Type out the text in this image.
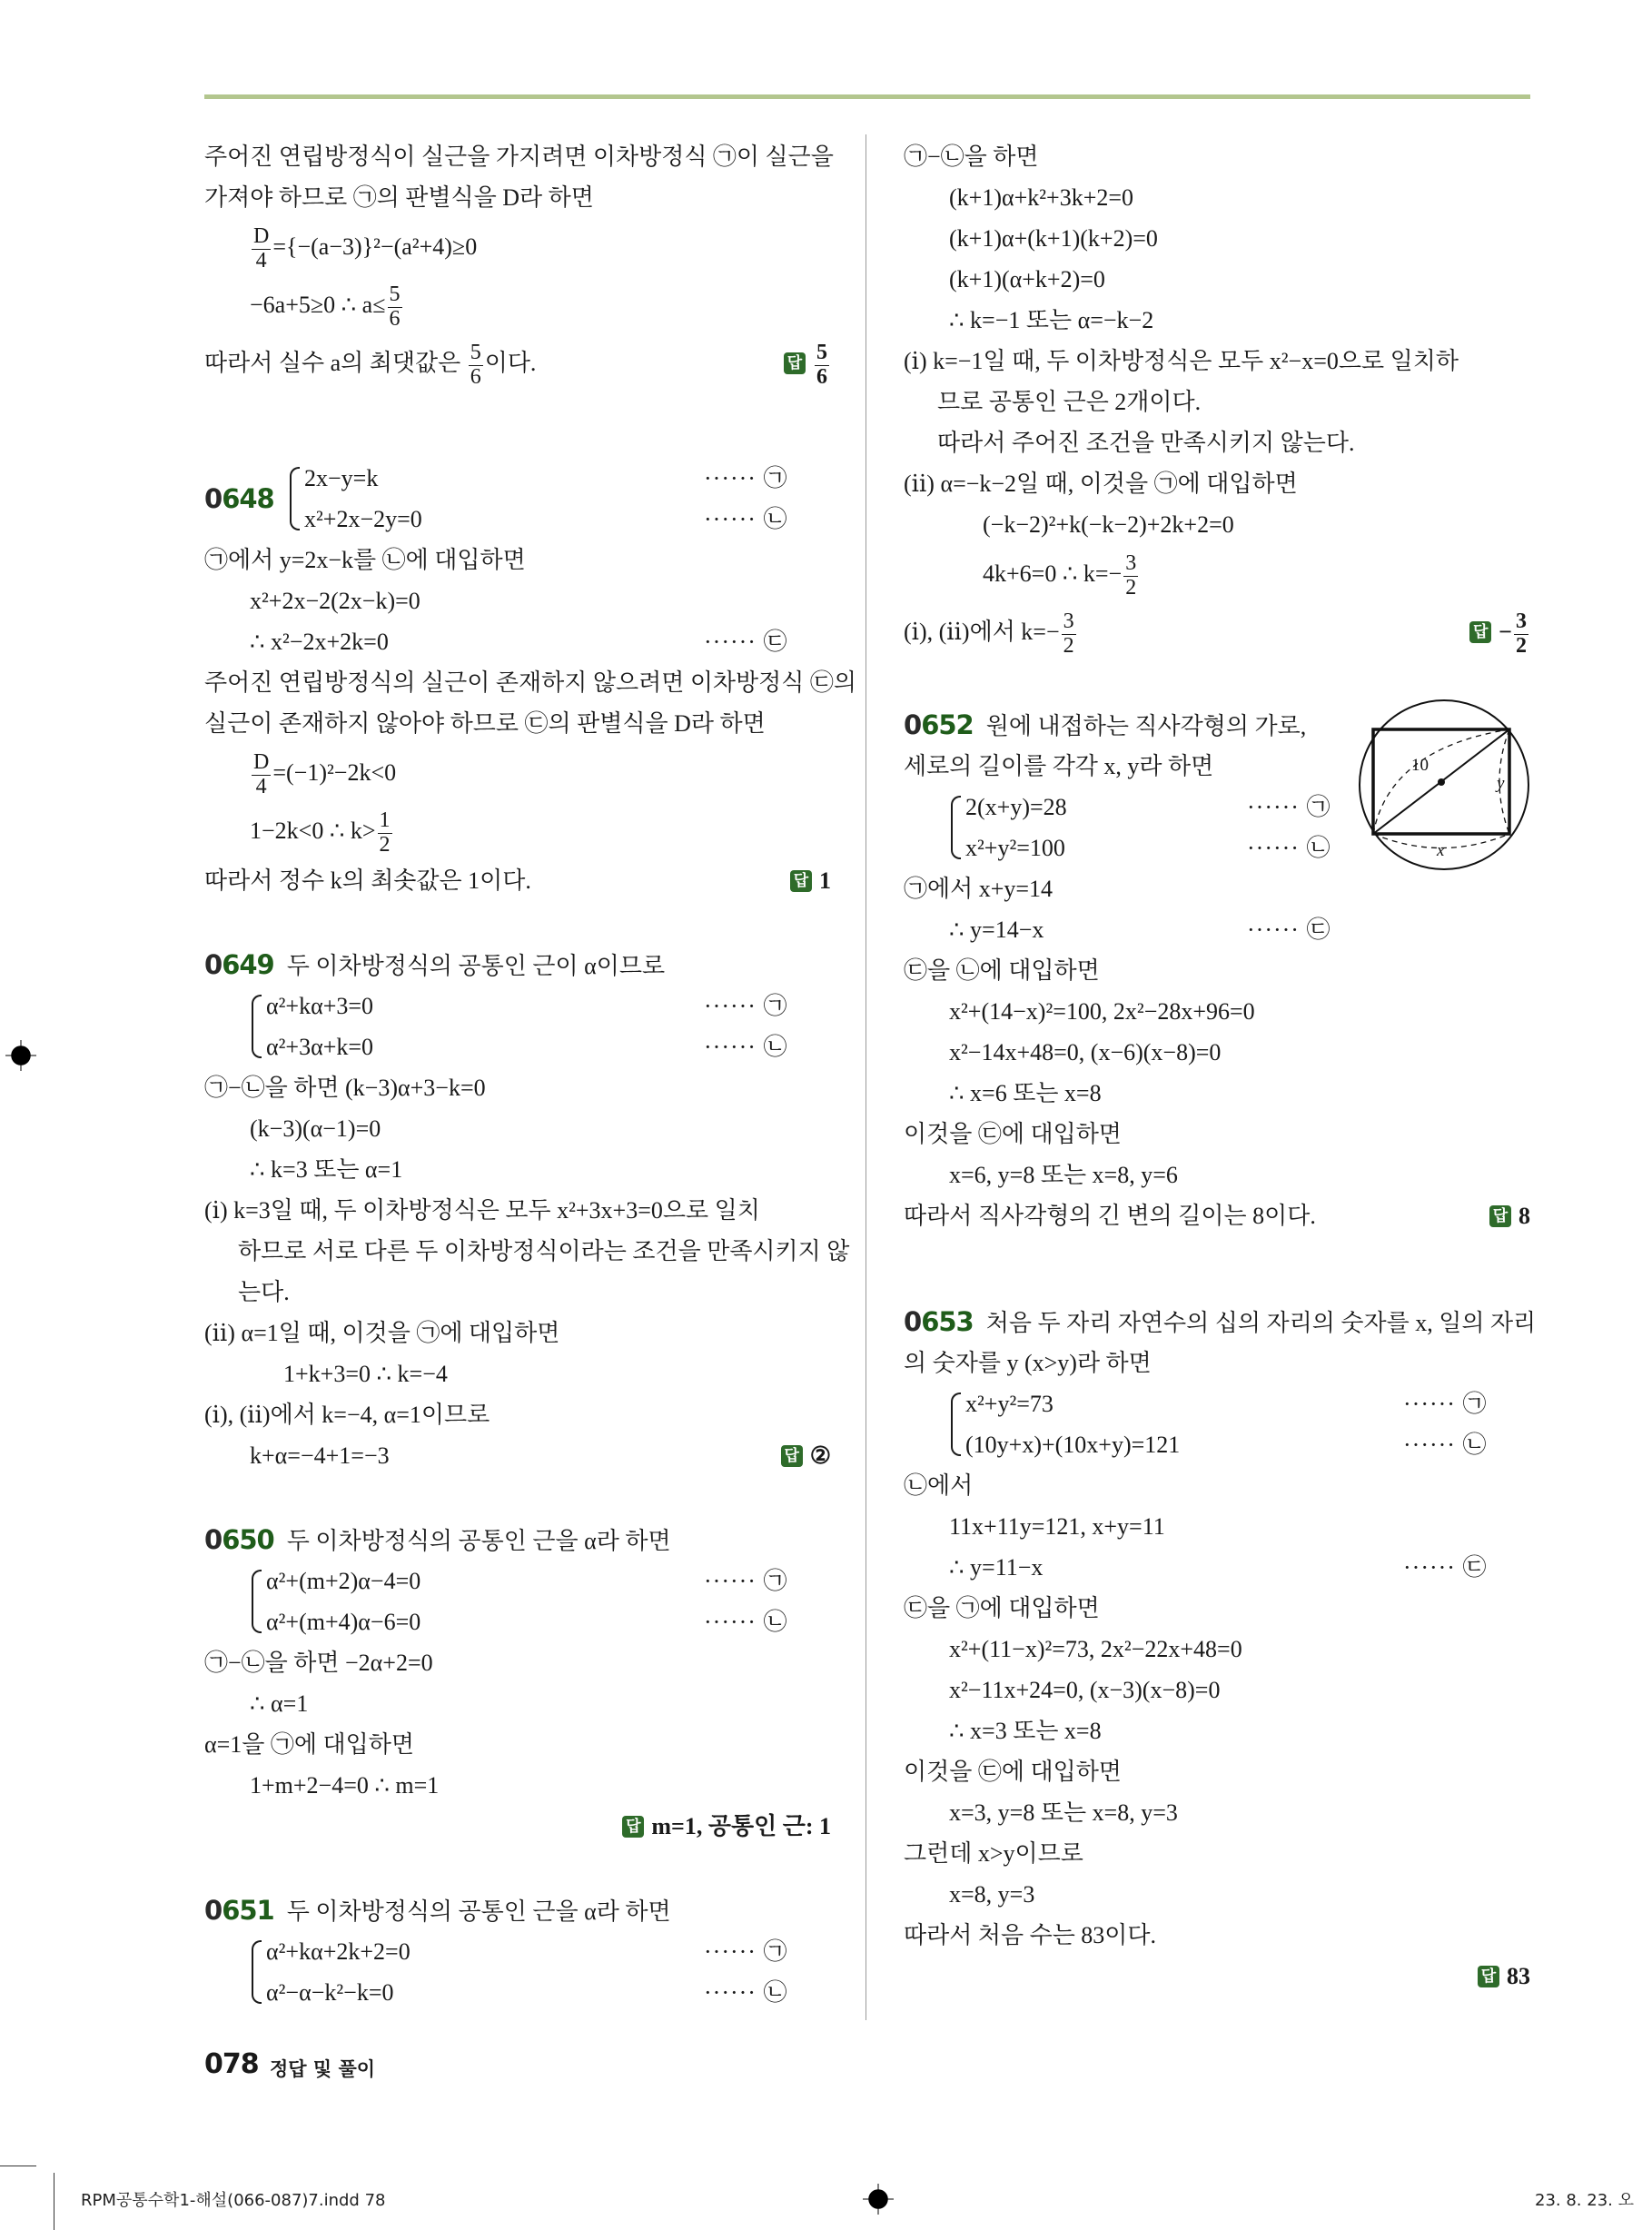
주어진 연립방정식이 실근을 가지려면 이차방정식 ㉠이 실근을
가져야 하므로 ㉠의 판별식을 D라 하면
$\frac{D}{4} =\{-(a-3)\}^2-(a^2+4)\ge 0$
−6a+5≥0 ∴ $a\le \frac{5}{6}$
따라서 실수 a의 최댓값은 $\frac{5}{6}$ 이다.	답 $\frac{5}{6}$
0648
2x−y=k	······ ㉠
x²+2x−2y=0	······ ㉡
㉠에서 y=2x−k를 ㉡에 대입하면
x²+2x−2(2x−k)=0
∴ x²−2x+2k=0	······ ㉢
주어진 연립방정식의 실근이 존재하지 않으려면 이차방정식 ㉢의
실근이 존재하지 않아야 하므로 ㉢의 판별식을 D라 하면
$\frac{D}{4} =(-1)^2-2k<0$
1−2k<0 ∴ $k> \frac{1}{2}$
따라서 정수 k의 최솟값은 1이다.	답 1
0649 두 이차방정식의 공통인 근이 α이므로
α²+kα+3=0	······ ㉠
α²+3α+k=0	······ ㉡
㉠−㉡을 하면 (k−3)α+3−k=0
(k−3)(α−1)=0
∴ k=3 또는 α=1
(ⅰ) k=3일 때, 두 이차방정식은 모두 x²+3x+3=0으로 일치
하므로 서로 다른 두 이차방정식이라는 조건을 만족시키지 않
는다.
(ⅱ) α=1일 때, 이것을 ㉠에 대입하면
1+k+3=0 ∴ k=−4
(ⅰ), (ⅱ)에서 k=−4, α=1이므로
k+α=−4+1=−3	답 ②
0650 두 이차방정식의 공통인 근을 α라 하면
α²+(m+2)α−4=0	······ ㉠
α²+(m+4)α−6=0	······ ㉡
㉠−㉡을 하면 −2α+2=0
∴ α=1
α=1을 ㉠에 대입하면
1+m+2−4=0 ∴ m=1
답 m=1, 공통인 근: 1
0651 두 이차방정식의 공통인 근을 α라 하면
α²+kα+2k+2=0	······ ㉠
α²−α−k²−k=0	······ ㉡
㉠−㉡을 하면
(k+1)α+k²+3k+2=0
(k+1)α+(k+1)(k+2)=0
(k+1)(α+k+2)=0
∴ k=−1 또는 α=−k−2
(ⅰ) k=−1일 때, 두 이차방정식은 모두 x²−x=0으로 일치하
므로 공통인 근은 2개이다.
따라서 주어진 조건을 만족시키지 않는다.
(ⅱ) α=−k−2일 때, 이것을 ㉠에 대입하면
(−k−2)²+k(−k−2)+2k+2=0
4k+6=0 ∴ $k=- \frac{3}{2}$
(ⅰ), (ⅱ)에서 $k=- \frac{3}{2}$	답 − $\frac{3}{2}$
10
y
x
0652 원에 내접하는 직사각형의 가로,
세로의 길이를 각각 x, y라 하면
2(x+y)=28	······ ㉠
x²+y²=100	······ ㉡
㉠에서 x+y=14
∴ y=14−x	······ ㉢
㉢을 ㉡에 대입하면
x²+(14−x)²=100, 2x²−28x+96=0
x²−14x+48=0, (x−6)(x−8)=0
∴ x=6 또는 x=8
이것을 ㉢에 대입하면
x=6, y=8 또는 x=8, y=6
따라서 직사각형의 긴 변의 길이는 8이다.	답 8
0653 처음 두 자리 자연수의 십의 자리의 숫자를 x, 일의 자리
의 숫자를 y (x>y)라 하면
x²+y²=73	······ ㉠
(10y+x)+(10x+y)=121	······ ㉡
㉡에서
11x+11y=121, x+y=11
∴ y=11−x	······ ㉢
㉢을 ㉠에 대입하면
x²+(11−x)²=73, 2x²−22x+48=0
x²−11x+24=0, (x−3)(x−8)=0
∴ x=3 또는 x=8
이것을 ㉢에 대입하면
x=3, y=8 또는 x=8, y=3
그런데 x>y이므로
x=8, y=3
따라서 처음 수는 83이다.
답 83
078 정답 및 풀이
RPM공통수학1-해설(066-087)7.indd 78	23. 8. 23. 오
